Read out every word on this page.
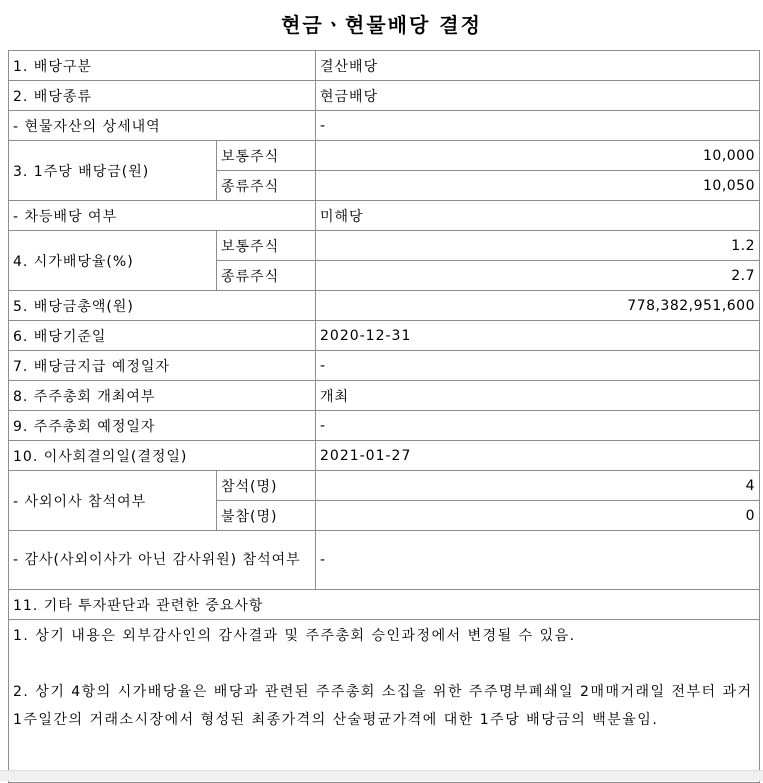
현금ㆍ현물배당 결정
1. 배당구분		결산배당
2. 배당종류		현금배당
- 현물자산의 상세내역		-
3. 1주당 배당금(원)	보통주식	10,000
	종류주식	10,050
- 차등배당 여부		미해당
4. 시가배당율(%)	보통주식	1.2
	종류주식	2.7
5. 배당금총액(원)		778,382,951,600
6. 배당기준일		2020-12-31
7. 배당금지급 예정일자		-
8. 주주총회 개최여부		개최
9. 주주총회 예정일자		-
10. 이사회결의일(결정일)		2021-01-27
- 사외이사 참석여부	참석(명)	4
	불참(명)	0
- 감사(사외이사가 아닌 감사위원) 참석여부		-
11. 기타 투자판단과 관련한 중요사항		

1. 상기 내용은 외부감사인의 감사결과 및 주주총회 승인과정에서 변경될 수 있음.

2. 상기 4항의 시가배당율은 배당과 관련된 주주총회 소집을 위한 주주명부폐쇄일 2매매거래일 전부터 과거 1주일간의 거래소시장에서 형성된 최종가격의 산술평균가격에 대한 1주당 배당금의 백분율임.		
